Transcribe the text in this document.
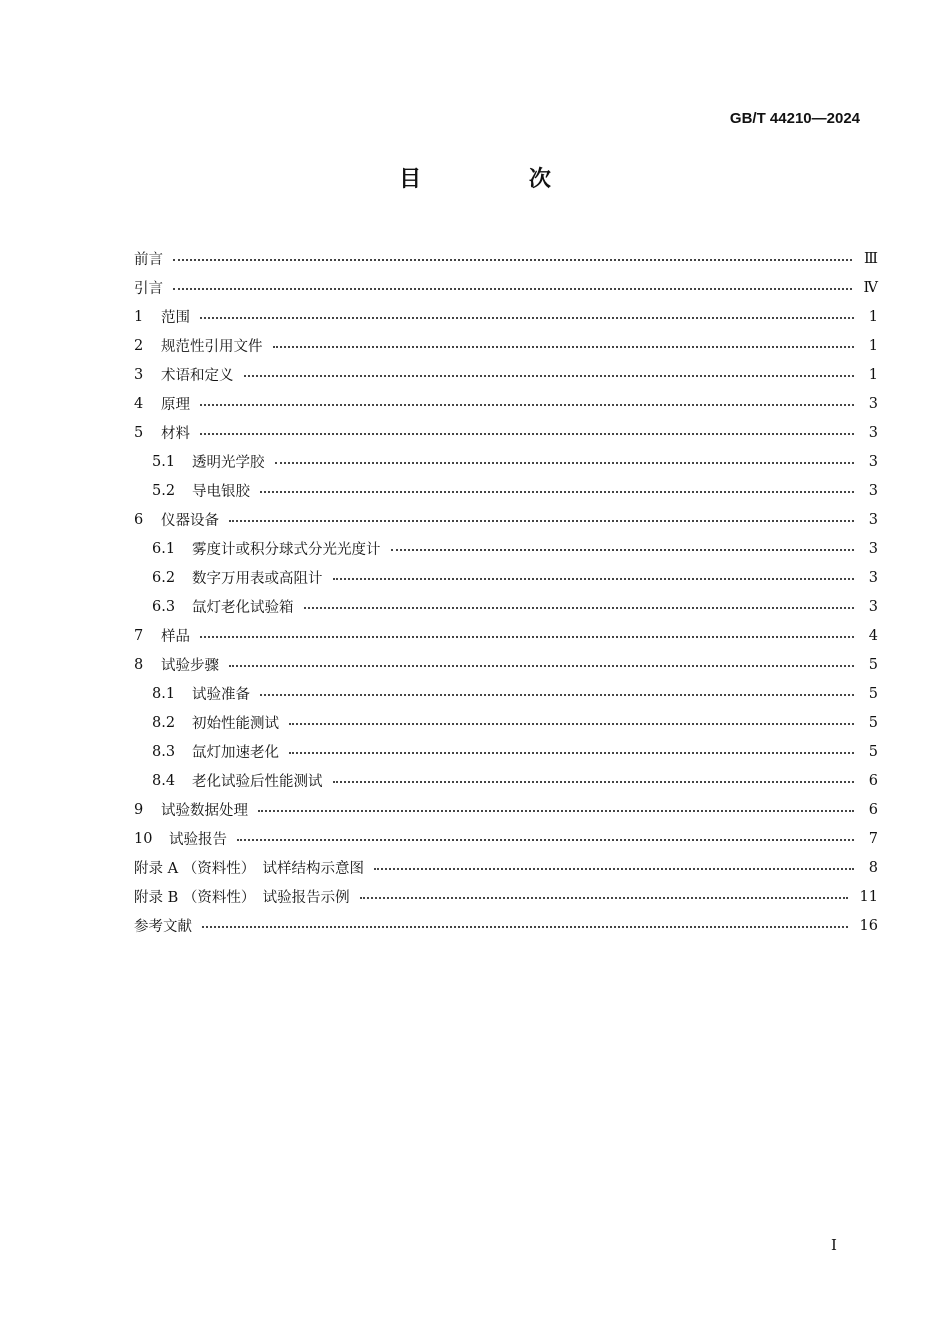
GB/T 44210—2024
目 次
前言	Ⅲ
引言	Ⅳ
1	范围	1
2	规范性引用文件	1
3	术语和定义	1
4	原理	3
5	材料	3
5.1	透明光学胶	3
5.2	导电银胶	3
6	仪器设备	3
6.1	雾度计或积分球式分光光度计	3
6.2	数字万用表或高阻计	3
6.3	氙灯老化试验箱	3
7	样品	4
8	试验步骤	5
8.1	试验准备	5
8.2	初始性能测试	5
8.3	氙灯加速老化	5
8.4	老化试验后性能测试	6
9	试验数据处理	6
10	试验报告	7
附录 A （资料性）　试样结构示意图	8
附录 B （资料性）　试验报告示例	11
参考文献	16
Ⅰ
